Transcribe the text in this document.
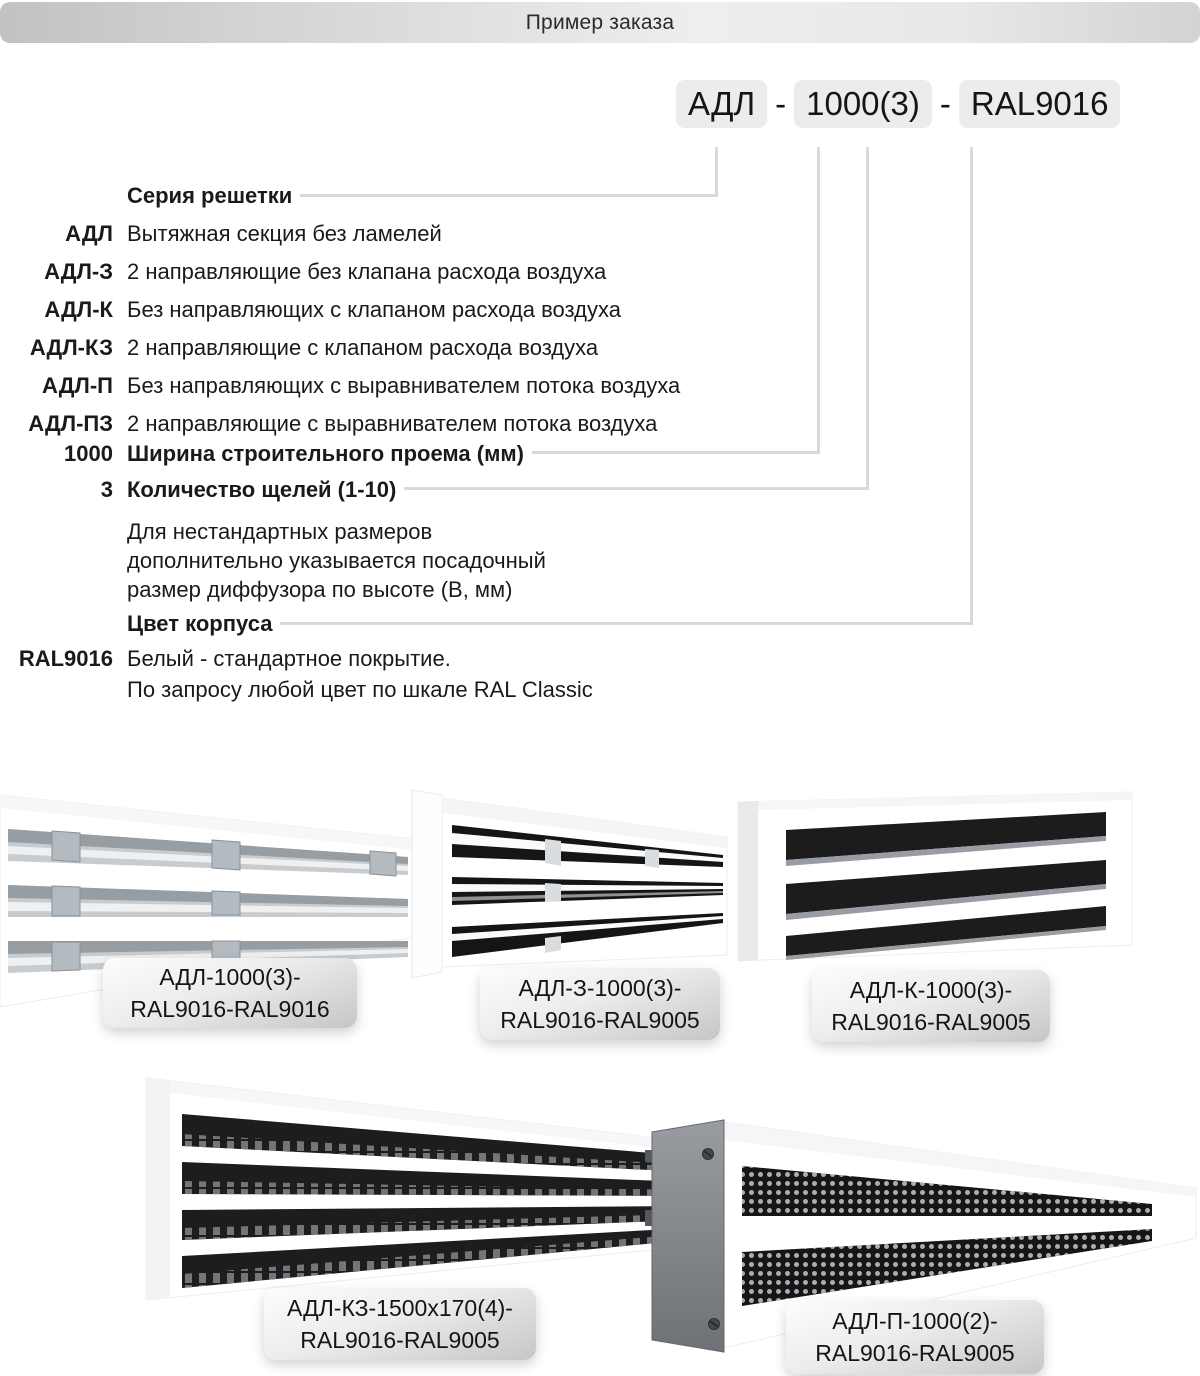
Пример заказа
АДЛ - 1000(3) - RAL9016
Серия решетки
АДЛ Вытяжная секция без ламелей
АДЛ-З 2 направляющие без клапана расхода воздуха
АДЛ-К Без направляющих с клапаном расхода воздуха
АДЛ-КЗ 2 направляющие с клапаном расхода воздуха
АДЛ-П Без направляющих с выравнивателем потока воздуха
АДЛ-ПЗ 2 направляющие с выравнивателем потока воздуха
1000 Ширина строительного проема (мм)
3 Количество щелей (1-10)
Для нестандартных размеров
дополнительно указывается посадочный
размер диффузора по высоте (В, мм)
Цвет корпуса
RAL9016 Белый - стандартное покрытие.
По запросу любой цвет по шкале RAL Classic
АДЛ-1000(3)-
RAL9016-RAL9016
АДЛ-З-1000(3)-
RAL9016-RAL9005
АДЛ-К-1000(3)-
RAL9016-RAL9005
АДЛ-КЗ-1500х170(4)-
RAL9016-RAL9005
АДЛ-П-1000(2)-
RAL9016-RAL9005
